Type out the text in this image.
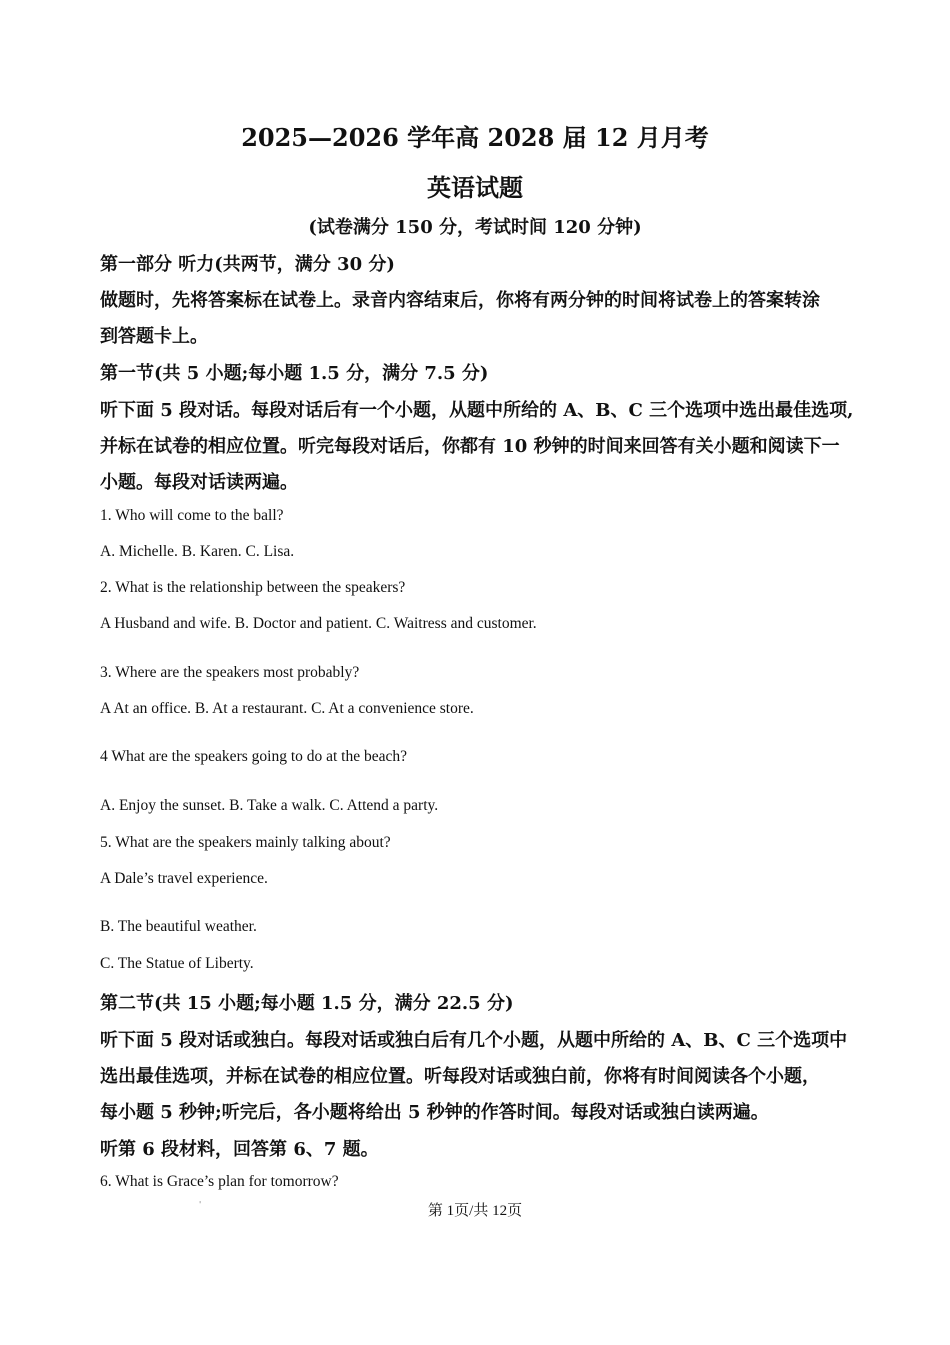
2025—2026 学年高 2028 届 12 月月考
英语试题
(试卷满分 150 分，考试时间 120 分钟)
第一部分 听力(共两节，满分 30 分)
做题时，先将答案标在试卷上。录音内容结束后，你将有两分钟的时间将试卷上的答案转涂
到答题卡上。
第一节(共 5 小题;每小题 1.5 分，满分 7.5 分)
听下面 5 段对话。每段对话后有一个小题，从题中所给的 A、B、C 三个选项中选出最佳选项,
并标在试卷的相应位置。听完每段对话后，你都有 10 秒钟的时间来回答有关小题和阅读下一
小题。每段对话读两遍。
1. Who will come to the ball?
A. Michelle. B. Karen. C. Lisa.
2. What is the relationship between the speakers?
A Husband and wife. B. Doctor and patient. C. Waitress and customer.
3. Where are the speakers most probably?
A At an office. B. At a restaurant. C. At a convenience store.
4 What are the speakers going to do at the beach?
A. Enjoy the sunset. B. Take a walk. C. Attend a party.
5. What are the speakers mainly talking about?
A Dale’s travel experience.
B. The beautiful weather.
C. The Statue of Liberty.
第二节(共 15 小题;每小题 1.5 分，满分 22.5 分)
听下面 5 段对话或独白。每段对话或独白后有几个小题，从题中所给的 A、B、C 三个选项中
选出最佳选项，并标在试卷的相应位置。听每段对话或独白前，你将有时间阅读各个小题，
每小题 5 秒钟;听完后，各小题将给出 5 秒钟的作答时间。每段对话或独白读两遍。
听第 6 段材料，回答第 6、7 题。
6. What is Grace’s plan for tomorrow?
'	第 1页/共 12页
